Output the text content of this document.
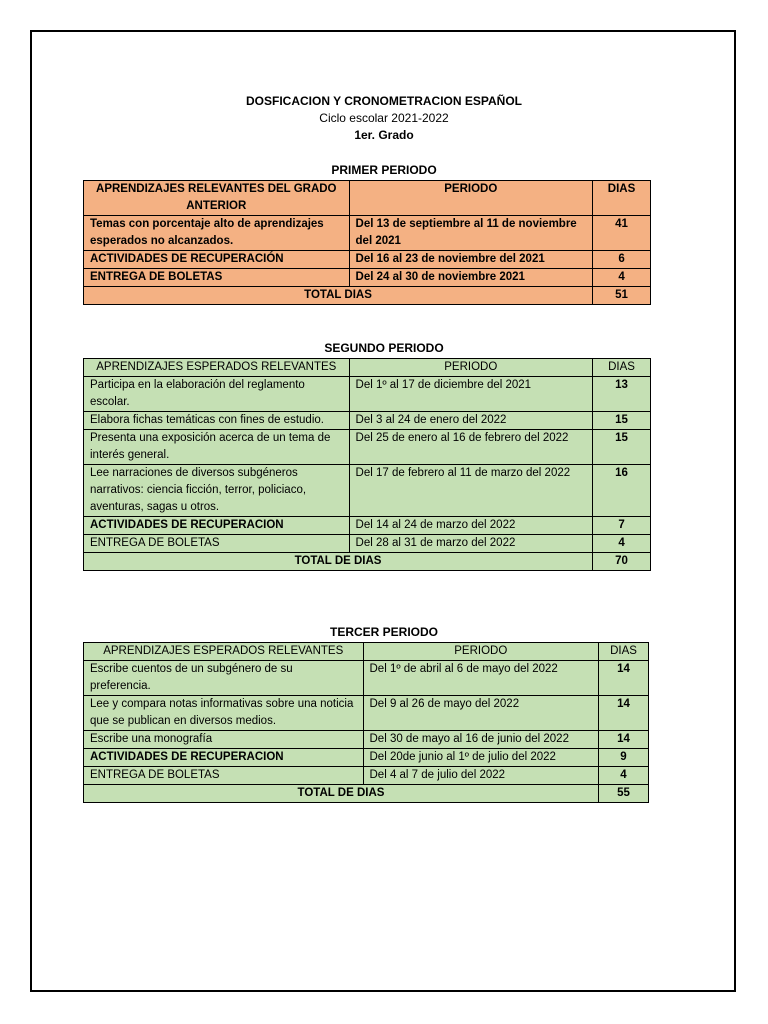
DOSFICACION Y CRONOMETRACION ESPAÑOL
Ciclo escolar 2021-2022
1er. Grado
PRIMER PERIODO
APRENDIZAJES RELEVANTES DEL GRADO ANTERIOR	PERIODO	DIAS
Temas con porcentaje alto de aprendizajes esperados no alcanzados.	Del 13 de septiembre al 11 de noviembre del 2021	41
ACTIVIDADES DE RECUPERACIÓN	Del 16 al 23 de noviembre del 2021	6
ENTREGA DE BOLETAS	Del 24 al 30 de noviembre 2021	4
TOTAL DIAS		51
SEGUNDO PERIODO
APRENDIZAJES ESPERADOS RELEVANTES	PERIODO	DIAS
Participa en la elaboración del reglamento escolar.	Del 1º al 17 de diciembre del 2021	13
Elabora fichas temáticas con fines de estudio.	Del 3 al 24 de enero del 2022	15
Presenta una exposición acerca de un tema de interés general.	Del 25 de enero al 16 de febrero del 2022	15
Lee narraciones de diversos subgéneros narrativos: ciencia ficción, terror, policiaco, aventuras, sagas u otros.	Del 17 de febrero al 11 de marzo del 2022	16
ACTIVIDADES DE RECUPERACION	Del 14 al 24 de marzo del 2022	7
ENTREGA DE BOLETAS	Del 28 al 31 de marzo del 2022	4
TOTAL DE DIAS		70
TERCER PERIODO
APRENDIZAJES ESPERADOS RELEVANTES	PERIODO	DIAS
Escribe cuentos de un subgénero de su preferencia.	Del 1º de abril al 6 de mayo del 2022	14
Lee y compara notas informativas sobre una noticia que se publican en diversos medios.	Del 9 al 26 de mayo del 2022	14
Escribe una monografía	Del 30 de mayo al 16 de junio del 2022	14
ACTIVIDADES DE RECUPERACION	Del 20de junio al 1º de julio del 2022	9
ENTREGA DE BOLETAS	Del 4 al 7 de julio del 2022	4
TOTAL DE DIAS		55
